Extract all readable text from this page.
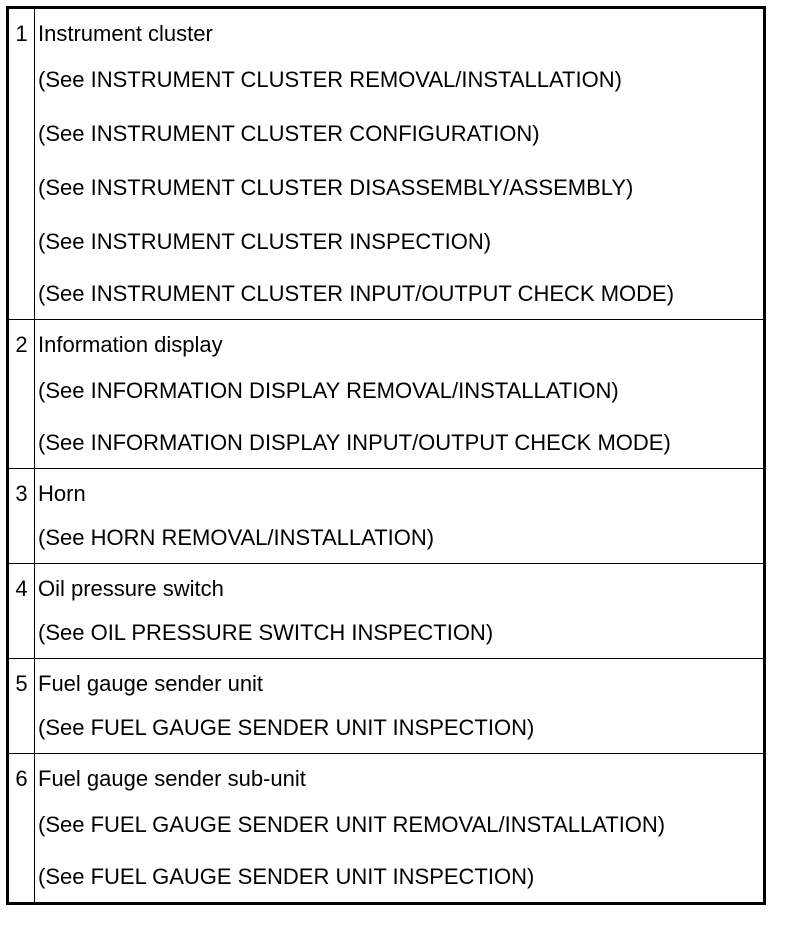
1 Instrument cluster
(See INSTRUMENT CLUSTER REMOVAL/INSTALLATION)
(See INSTRUMENT CLUSTER CONFIGURATION)
(See INSTRUMENT CLUSTER DISASSEMBLY/ASSEMBLY)
(See INSTRUMENT CLUSTER INSPECTION)
(See INSTRUMENT CLUSTER INPUT/OUTPUT CHECK MODE)
2 Information display
(See INFORMATION DISPLAY REMOVAL/INSTALLATION)
(See INFORMATION DISPLAY INPUT/OUTPUT CHECK MODE)
3 Horn
(See HORN REMOVAL/INSTALLATION)
4 Oil pressure switch
(See OIL PRESSURE SWITCH INSPECTION)
5 Fuel gauge sender unit
(See FUEL GAUGE SENDER UNIT INSPECTION)
6 Fuel gauge sender sub-unit
(See FUEL GAUGE SENDER UNIT REMOVAL/INSTALLATION)
(See FUEL GAUGE SENDER UNIT INSPECTION)
